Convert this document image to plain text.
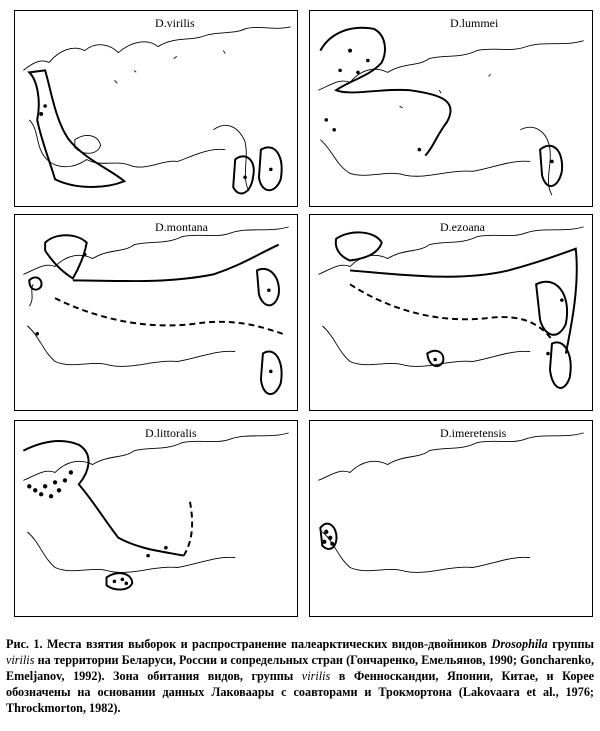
D.virilis	D.lummei
D.montana	D.ezoana
D.littoralis	D.imeretensis
Рис. 1. Места взятия выборок и распространение палеарктических видов-двойников Drosophila группы virilis на территории Беларуси, России и сопредельных стран (Гончаренко, Емельянов, 1990; Goncharenko, Emeljanov, 1992). Зона обитания видов, группы virilis в Фенноскандии, Японии, Китае, и Корее обозначены на основании данных Лаковаары с соавторами и Трокмортона (Lakovaara et al., 1976; Throckmorton, 1982).
